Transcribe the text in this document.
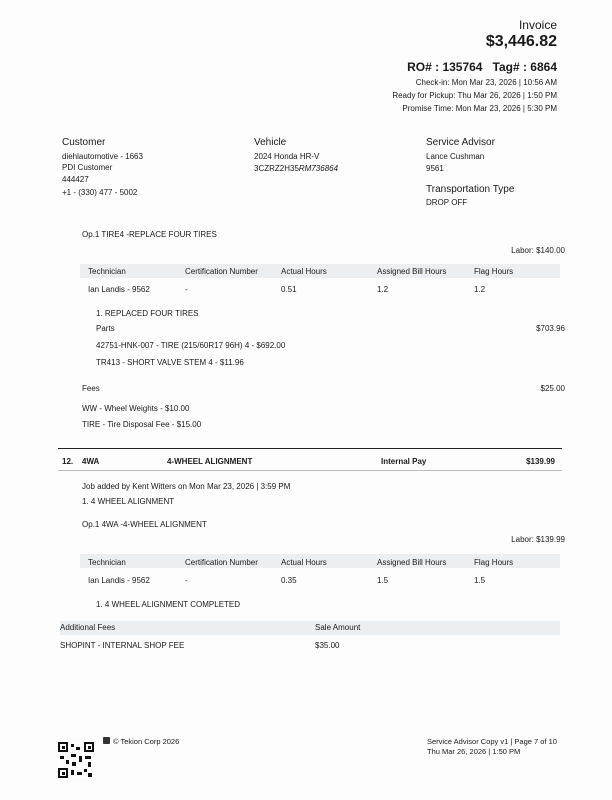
Invoice
$3,446.82
RO# : 135764 Tag# : 6864
Check-in: Mon Mar 23, 2026 | 10:56 AM
Ready for Pickup: Thu Mar 26, 2026 | 1:50 PM
Promise Time: Mon Mar 23, 2026 | 5:30 PM
Customer
diehlautomotive - 1663
PDI Customer
444427
+1 - (330) 477 - 5002
Vehicle
2024 Honda HR-V
3CZRZ2H35RM736864
Service Advisor
Lance Cushman
9561
Transportation Type
DROP OFF
Op.1 TIRE4 -REPLACE FOUR TIRES
Labor: $140.00
Technician	Certification Number	Actual Hours	Assigned Bill Hours	Flag Hours
Ian Landis - 9562	-	0.51	1.2	1.2
1. REPLACED FOUR TIRES
Parts	$703.96
42751-HNK-007 - TIRE (215/60R17 96H) 4 - $692.00
TR413 - SHORT VALVE STEM 4 - $11.96
Fees	$25.00
WW - Wheel Weights - $10.00
TIRE - Tire Disposal Fee - $15.00
12. 4WA	4-WHEEL ALIGNMENT	Internal Pay	$139.99
Job added by Kent Witters on Mon Mar 23, 2026 | 3:59 PM
1. 4 WHEEL ALIGNMENT
Op.1 4WA -4-WHEEL ALIGNMENT
Labor: $139.99
Technician	Certification Number	Actual Hours	Assigned Bill Hours	Flag Hours
Ian Landis - 9562	-	0.35	1.5	1.5
1. 4 WHEEL ALIGNMENT COMPLETED
Additional Fees	Sale Amount
SHOPINT - INTERNAL SHOP FEE	$35.00
© Tekion Corp 2026	Service Advisor Copy v1 | Page 7 of 10
Thu Mar 26, 2026 | 1:50 PM
